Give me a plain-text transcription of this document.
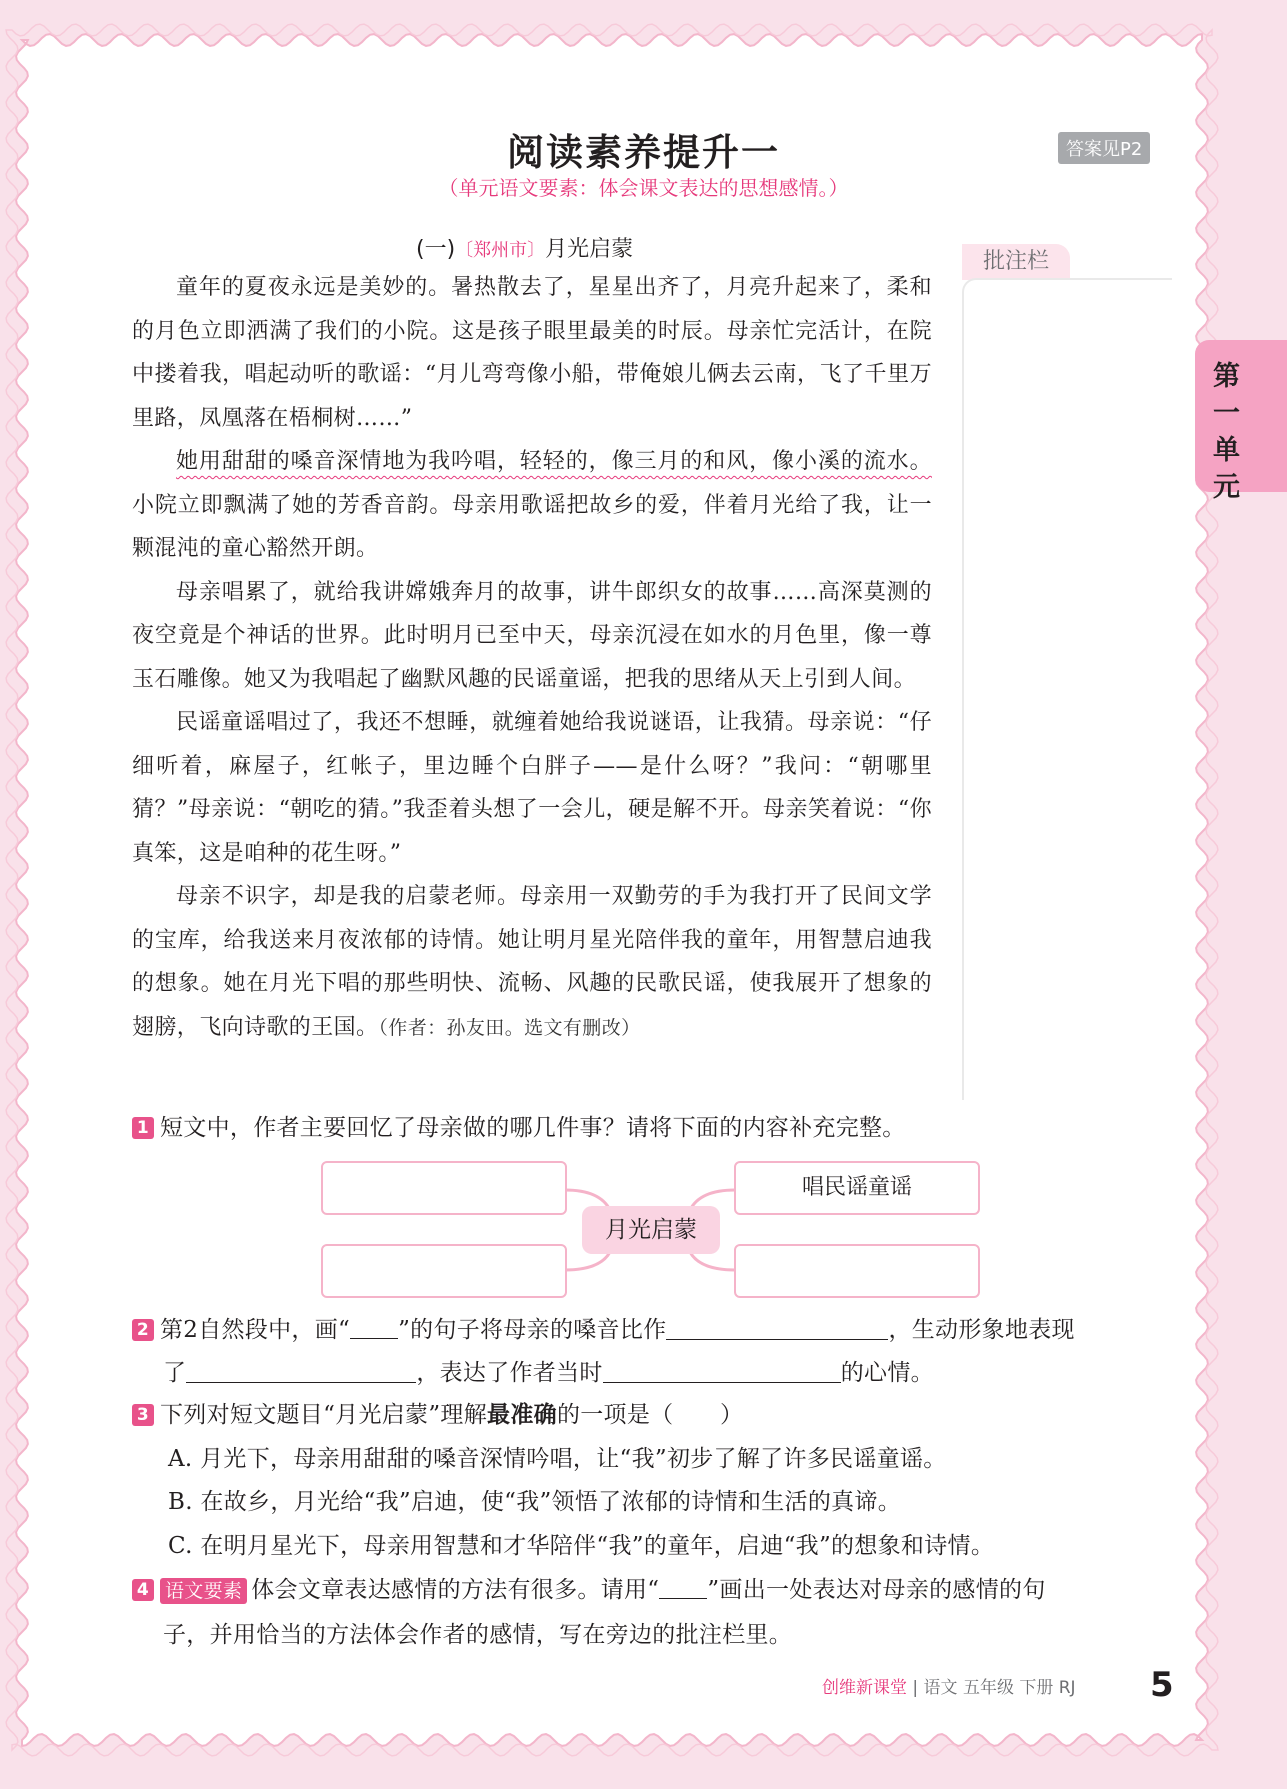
阅读素养提升一	答案见P2
（单元语文要素：体会课文表达的思想感情。）
(一)〔郑州市〕月光启蒙	批注栏
第一单元

童年的夏夜永远是美妙的。暑热散去了，星星出齐了，月亮升起来了，柔和的月色立即洒满了我们的小院。这是孩子眼里最美的时辰。母亲忙完活计，在院中搂着我，唱起动听的歌谣：“月儿弯弯像小船，带俺娘儿俩去云南，飞了千里万里路，凤凰落在梧桐树……”

她用甜甜的嗓音深情地为我吟唱，轻轻的，像三月的和风，像小溪的流水。小院立即飘满了她的芳香音韵。母亲用歌谣把故乡的爱，伴着月光给了我，让一颗混沌的童心豁然开朗。

母亲唱累了，就给我讲嫦娥奔月的故事，讲牛郎织女的故事……高深莫测的夜空竟是个神话的世界。此时明月已至中天，母亲沉浸在如水的月色里，像一尊玉石雕像。她又为我唱起了幽默风趣的民谣童谣，把我的思绪从天上引到人间。

民谣童谣唱过了，我还不想睡，就缠着她给我说谜语，让我猜。母亲说：“仔细听着，麻屋子，红帐子，里边睡个白胖子——是什么呀？”我问：“朝哪里猜？”母亲说：“朝吃的猜。”我歪着头想了一会儿，硬是解不开。母亲笑着说：“你真笨，这是咱种的花生呀。”

母亲不识字，却是我的启蒙老师。母亲用一双勤劳的手为我打开了民间文学的宝库，给我送来月夜浓郁的诗情。她让明月星光陪伴我的童年，用智慧启迪我的想象。她在月光下唱的那些明快、流畅、风趣的民歌民谣，使我展开了想象的翅膀，飞向诗歌的王国。（作者：孙友田。选文有删改）

1 短文中，作者主要回忆了母亲做的哪几件事？请将下面的内容补充完整。
唱民谣童谣
月光启蒙
2 第2自然段中，画“ ”的句子将母亲的嗓音比作	，生动形象地表现
了	，表达了作者当时	的心情。
3 下列对短文题目“月光启蒙”理解最准确的一项是（　　）
A. 月光下，母亲用甜甜的嗓音深情吟唱，让“我”初步了解了许多民谣童谣。
B. 在故乡，月光给“我”启迪，使“我”领悟了浓郁的诗情和生活的真谛。
C. 在明月星光下，母亲用智慧和才华陪伴“我”的童年，启迪“我”的想象和诗情。
4 语文要素 体会文章表达感情的方法有很多。请用“ ”画出一处表达对母亲的感情的句
子，并用恰当的方法体会作者的感情，写在旁边的批注栏里。
创维新课堂 | 语文 五年级 下册 RJ 5
